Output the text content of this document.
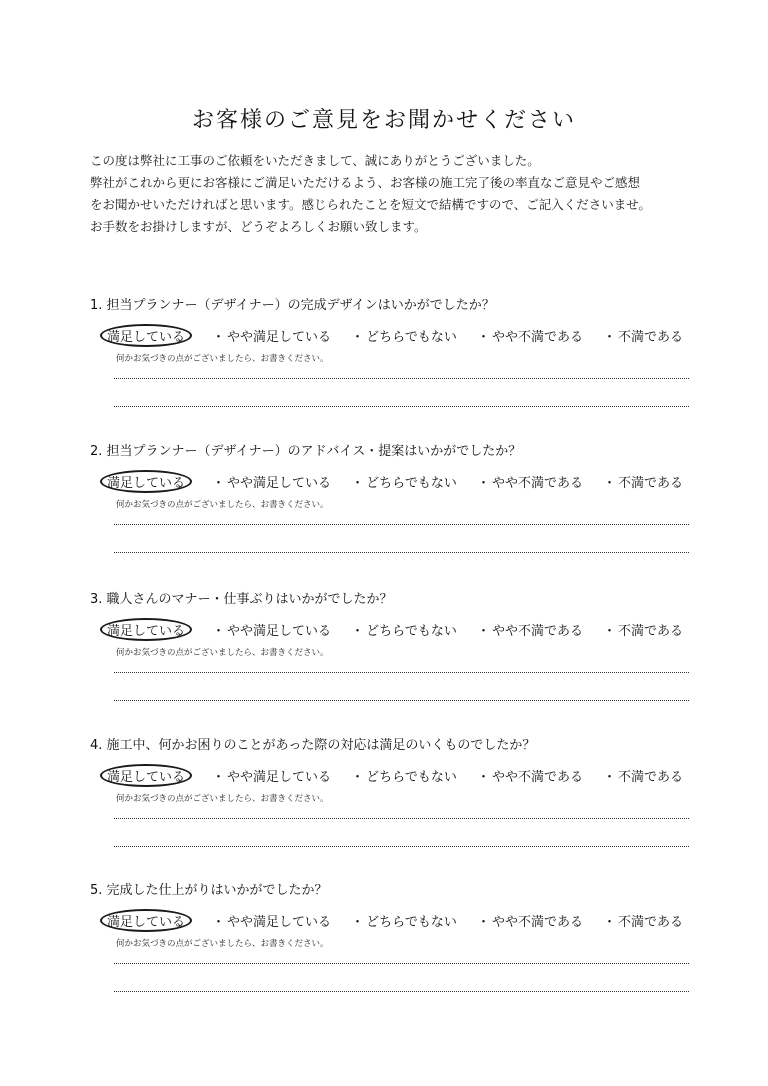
お客様のご意見をお聞かせください
この度は弊社に工事のご依頼をいただきまして、誠にありがとうございました。
弊社がこれから更にお客様にご満足いただけるよう、お客様の施工完了後の率直なご意見やご感想
をお聞かせいただければと思います。感じられたことを短文で結構ですので、ご記入くださいませ。
お手数をお掛けしますが、どうぞよろしくお願い致します。
1. 担当プランナー（デザイナー）の完成デザインはいかがでしたか？
満足している	・ やや満足している ・ どちらでもない ・ やや不満である ・ 不満である
何かお気づきの点がございましたら、お書きください。
2. 担当プランナー（デザイナー）のアドバイス・提案はいかがでしたか？
満足している	・ やや満足している ・ どちらでもない ・ やや不満である ・ 不満である
何かお気づきの点がございましたら、お書きください。
3. 職人さんのマナー・仕事ぶりはいかがでしたか？
満足している	・ やや満足している ・ どちらでもない ・ やや不満である ・ 不満である
何かお気づきの点がございましたら、お書きください。
4. 施工中、何かお困りのことがあった際の対応は満足のいくものでしたか？
満足している	・ やや満足している ・ どちらでもない ・ やや不満である ・ 不満である
何かお気づきの点がございましたら、お書きください。
5. 完成した仕上がりはいかがでしたか？
満足している	・ やや満足している ・ どちらでもない ・ やや不満である ・ 不満である
何かお気づきの点がございましたら、お書きください。
